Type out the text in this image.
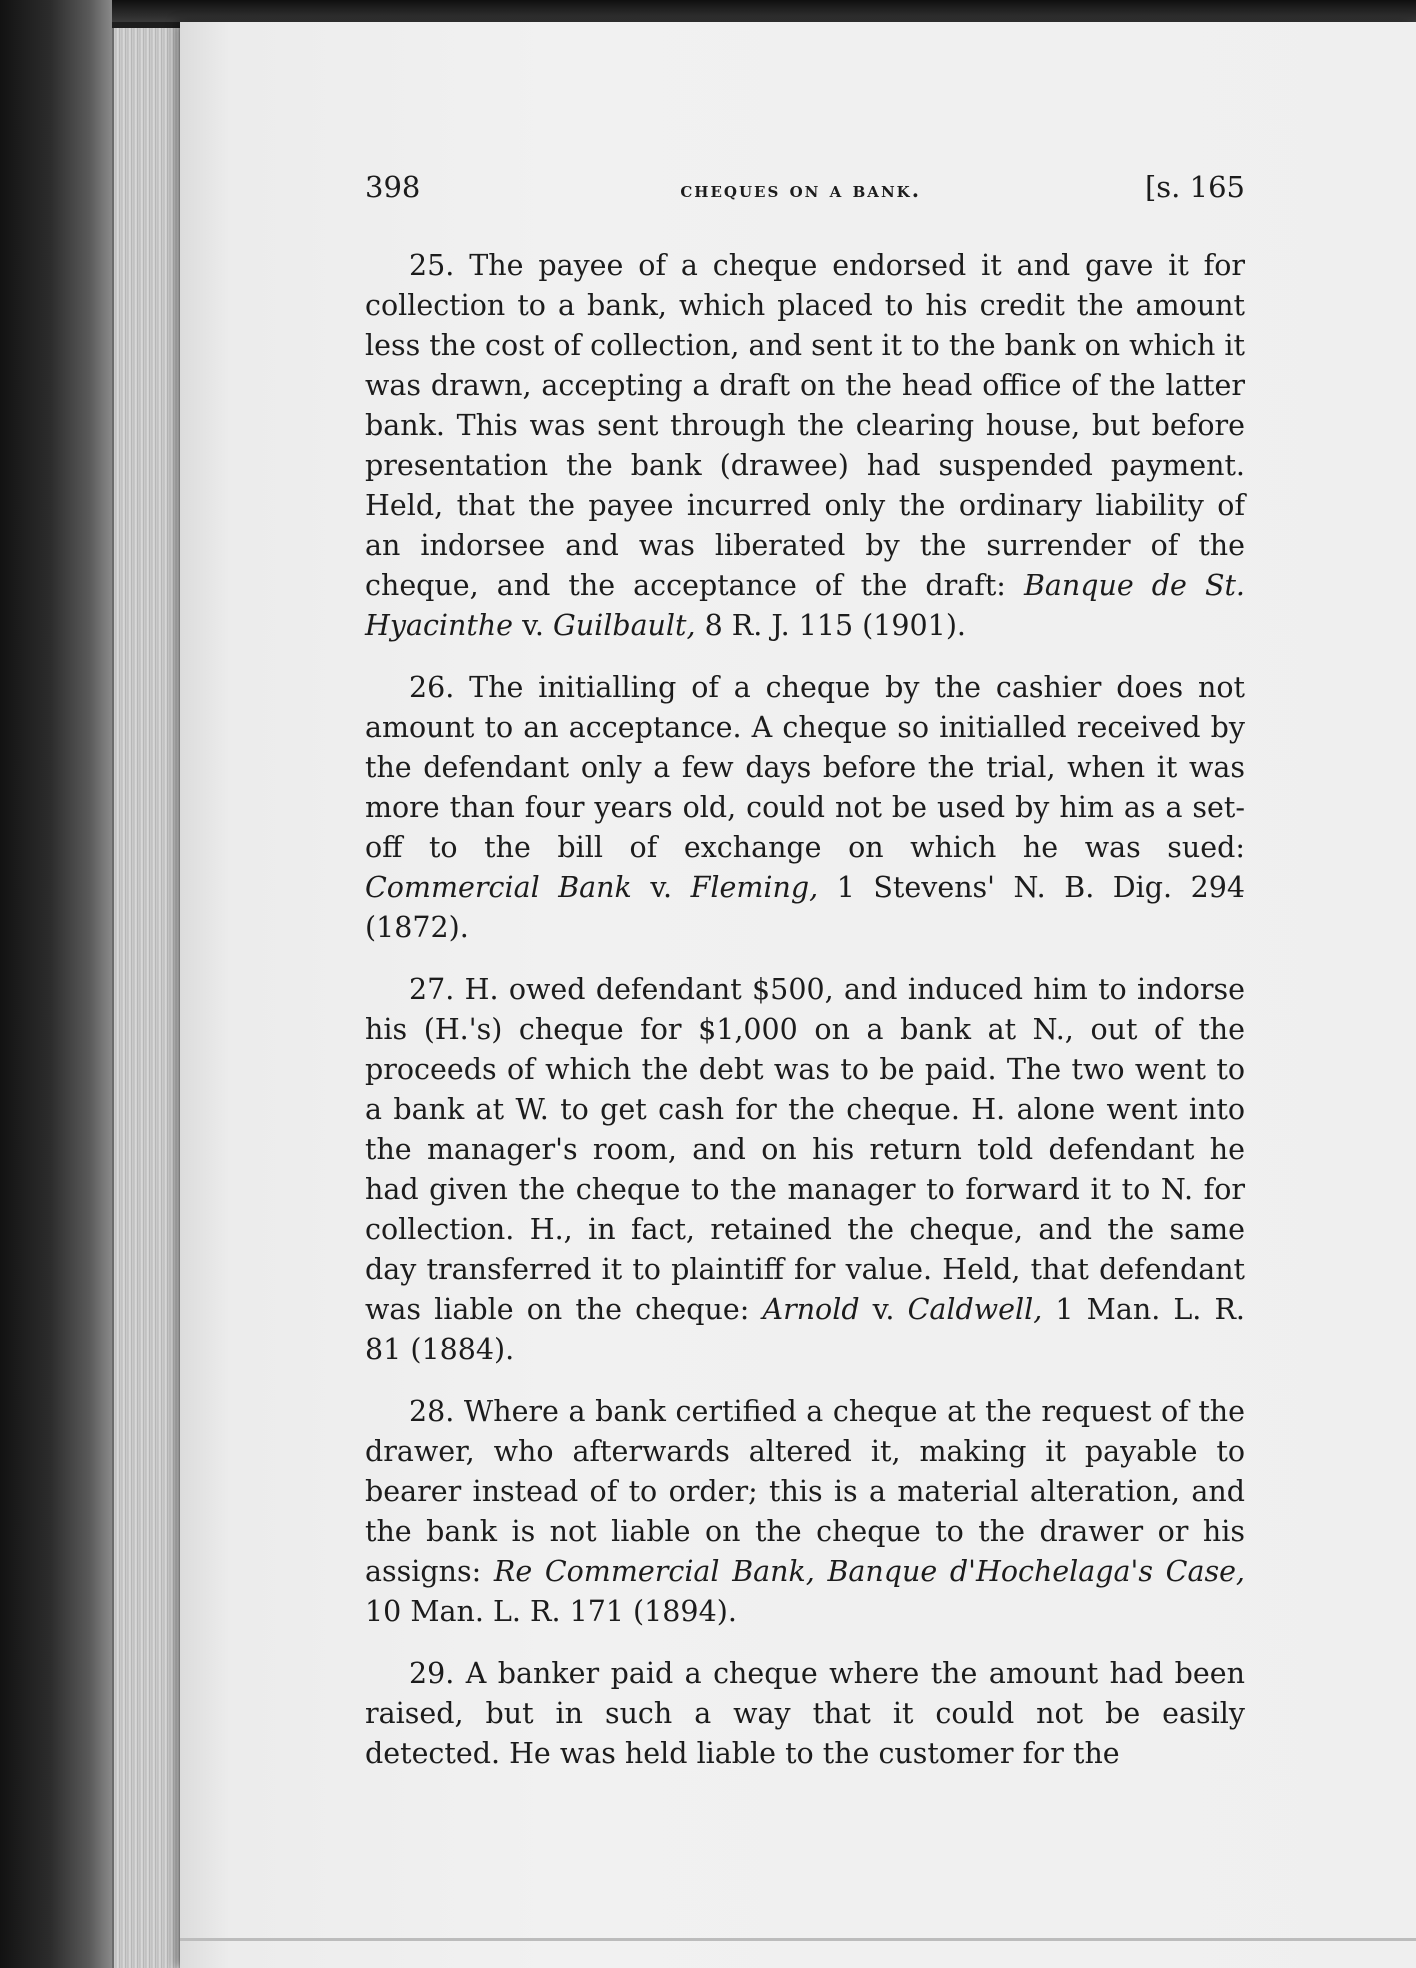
398	cheques on a bank.	[s. 165

25. The payee of a cheque endorsed it and gave it for collection to a bank, which placed to his credit the amount less the cost of collection, and sent it to the bank on which it was drawn, accepting a draft on the head office of the latter bank. This was sent through the clearing house, but before presentation the bank (drawee) had suspended payment. Held, that the payee incurred only the ordinary liability of an indorsee and was liberated by the surrender of the cheque, and the acceptance of the draft: Banque de St. Hyacinthe v. Guilbault, 8 R. J. 115 (1901).

26. The initialling of a cheque by the cashier does not amount to an acceptance. A cheque so initialled received by the defendant only a few days before the trial, when it was more than four years old, could not be used by him as a set-off to the bill of exchange on which he was sued: Commercial Bank v. Fleming, 1 Stevens' N. B. Dig. 294 (1872).

27. H. owed defendant $500, and induced him to indorse his (H.'s) cheque for $1,000 on a bank at N., out of the proceeds of which the debt was to be paid. The two went to a bank at W. to get cash for the cheque. H. alone went into the manager's room, and on his return told defendant he had given the cheque to the manager to forward it to N. for collection. H., in fact, retained the cheque, and the same day transferred it to plaintiff for value. Held, that defendant was liable on the cheque: Arnold v. Caldwell, 1 Man. L. R. 81 (1884).

28. Where a bank certified a cheque at the request of the drawer, who afterwards altered it, making it payable to bearer instead of to order; this is a material alteration, and the bank is not liable on the cheque to the drawer or his assigns: Re Commercial Bank, Banque d'Hochelaga's Case, 10 Man. L. R. 171 (1894).

29. A banker paid a cheque where the amount had been raised, but in such a way that it could not be easily detected. He was held liable to the customer for the
